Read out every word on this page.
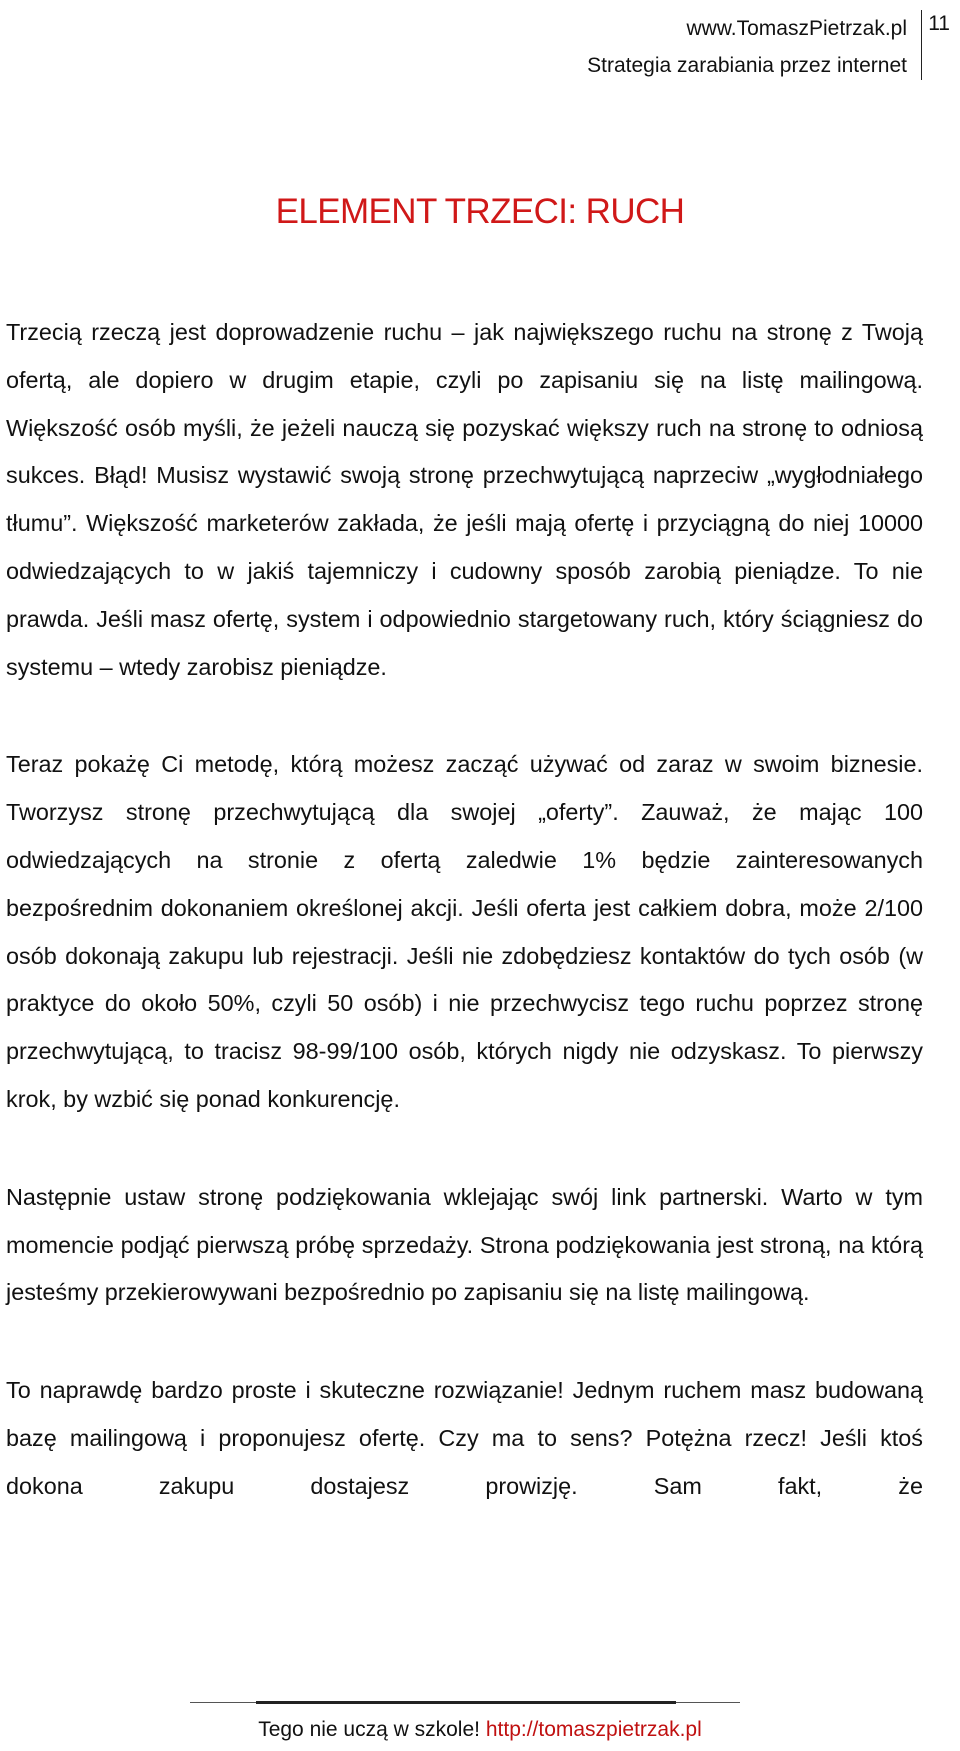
www.TomaszPietrzak.pl
Strategia zarabiania przez internet
11
ELEMENT TRZECI: RUCH

Trzecią rzeczą jest doprowadzenie ruchu – jak największego ruchu na stronę z Twoją ofertą, ale dopiero w drugim etapie, czyli po zapisaniu się na listę mailingową. Większość osób myśli, że jeżeli nauczą się pozyskać większy ruch na stronę to odniosą sukces. Błąd! Musisz wystawić swoją stronę przechwytującą naprzeciw „wygłodniałego tłumu”. Większość marketerów zakłada, że jeśli mają ofertę i przyciągną do niej 10000 odwiedzających to w jakiś tajemniczy i cudowny sposób zarobią pieniądze. To nie prawda. Jeśli masz ofertę, system i odpowiednio stargetowany ruch, który ściągniesz do systemu – wtedy zarobisz pieniądze.

Teraz pokażę Ci metodę, którą możesz zacząć używać od zaraz w swoim biznesie. Tworzysz stronę przechwytującą dla swojej „oferty”. Zauważ, że mając 100 odwiedzających na stronie z ofertą zaledwie 1% będzie zainteresowanych bezpośrednim dokonaniem określonej akcji. Jeśli oferta jest całkiem dobra, może 2/100 osób dokonają zakupu lub rejestracji. Jeśli nie zdobędziesz kontaktów do tych osób (w praktyce do około 50%, czyli 50 osób) i nie przechwycisz tego ruchu poprzez stronę przechwytującą, to tracisz 98-99/100 osób, których nigdy nie odzyskasz. To pierwszy krok, by wzbić się ponad konkurencję.

Następnie ustaw stronę podziękowania wklejając swój link partnerski. Warto w tym momencie podjąć pierwszą próbę sprzedaży. Strona podziękowania jest stroną, na którą jesteśmy przekierowywani bezpośrednio po zapisaniu się na listę mailingową.

To naprawdę bardzo proste i skuteczne rozwiązanie! Jednym ruchem masz budowaną bazę mailingową i proponujesz ofertę. Czy ma to sens? Potężna rzecz! Jeśli ktoś dokona zakupu dostajesz prowizję. Sam fakt, że

Tego nie uczą w szkole! http://tomaszpietrzak.pl
